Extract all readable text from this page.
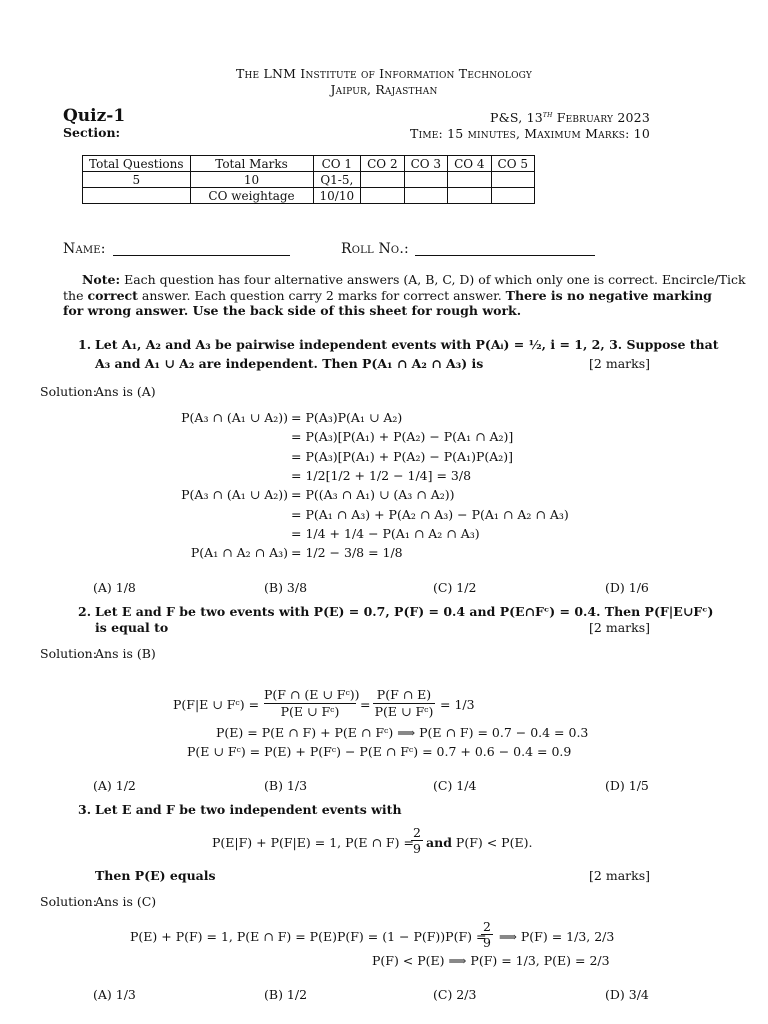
The LNM Institute of Information Technology
Jaipur, Rajasthan
Quiz-1
Section:
P&S, 13th February 2023
Time: 15 minutes, Maximum Marks: 10
Total Questions	Total Marks	CO 1	CO 2	CO 3	CO 4	CO 5
5	10	Q1-5,				
	CO weightage	10/10				
Name:	Roll No.:
Note: Each question has four alternative answers (A, B, C, D) of which only one is correct. Encircle/Tick
the correct answer. Each question carry 2 marks for correct answer. There is no negative marking
for wrong answer. Use the back side of this sheet for rough work.
1. Let A₁, A₂ and A₃ be pairwise independent events with P(Aᵢ) = ½, i = 1, 2, 3. Suppose that
A₃ and A₁ ∪ A₂ are independent. Then P(A₁ ∩ A₂ ∩ A₃) is	[2 marks]
Solution:
Ans is (A)
P(A₃ ∩ (A₁ ∪ A₂)) = P(A₃)P(A₁ ∪ A₂)
= P(A₃)[P(A₁) + P(A₂) − P(A₁ ∩ A₂)]
= P(A₃)[P(A₁) + P(A₂) − P(A₁)P(A₂)]
= 1/2[1/2 + 1/2 − 1/4] = 3/8
P(A₃ ∩ (A₁ ∪ A₂)) = P((A₃ ∩ A₁) ∪ (A₃ ∩ A₂))
= P(A₁ ∩ A₃) + P(A₂ ∩ A₃) − P(A₁ ∩ A₂ ∩ A₃)
= 1/4 + 1/4 − P(A₁ ∩ A₂ ∩ A₃)
P(A₁ ∩ A₂ ∩ A₃) = 1/2 − 3/8 = 1/8
(A) 1/8	(B) 3/8	(C) 1/2	(D) 1/6
2. Let E and F be two events with P(E) = 0.7, P(F) = 0.4 and P(E∩Fᶜ) = 0.4. Then P(F|E∪Fᶜ)
is equal to	[2 marks]
Solution:
Ans is (B)
P(F|E ∪ Fᶜ) = $\frac{\text{P(F ∩ (E ∪ Fᶜ))}}{\text{P(E ∪ Fᶜ)}} = \frac{P(F \cap E)}{\text{P(E ∪ Fᶜ)}} = 1/3$
P(E) = P(E ∩ F) + P(E ∩ Fᶜ) ⟹ P(E ∩ F) = 0.7 − 0.4 = 0.3
P(E ∪ Fᶜ) = P(E) + P(Fᶜ) − P(E ∩ Fᶜ) = 0.7 + 0.6 − 0.4 = 0.9
(A) 1/2	(B) 1/3	(C) 1/4	(D) 1/5
3. Let E and F be two independent events with
P(E|F) + P(F|E) = 1, P(E ∩ F) =
$\frac{2}{9}$ and P(F) < P(E).
Then P(E) equals	[2 marks]
Solution:
Ans is (C)
P(E) + P(F) = 1, P(E ∩ F) = P(E)P(F) = (1 − P(F))P(F) =
$\frac{2}{9}$ ⟹ P(F) = 1/3, 2/3
P(F) < P(E) ⟹ P(F) = 1/3, P(E) = 2/3
(A) 1/3	(B) 1/2	(C) 2/3	(D) 3/4
